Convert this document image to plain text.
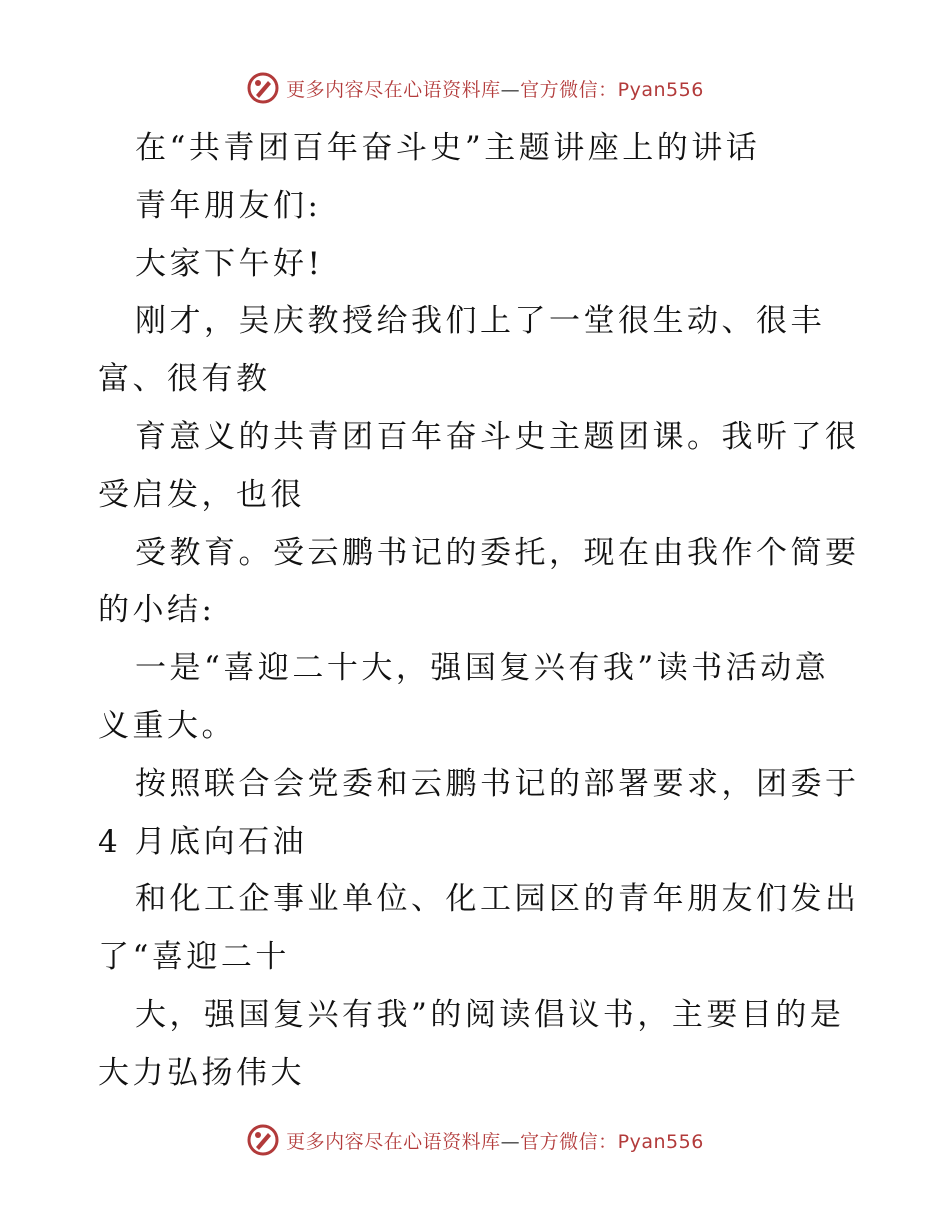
更多内容尽在心语资料库—官方微信：Pyan556
在“共青团百年奋斗史”主题讲座上的讲话
青年朋友们:
大家下午好!
刚才，吴庆教授给我们上了一堂很生动、很丰
富、很有教
育意义的共青团百年奋斗史主题团课。我听了很
受启发，也很
受教育。受云鹏书记的委托，现在由我作个简要
的小结:
一是“喜迎二十大，强国复兴有我”读书活动意
义重大。
按照联合会党委和云鹏书记的部署要求，团委于
4 月底向石油
和化工企事业单位、化工园区的青年朋友们发出
了“喜迎二十
大，强国复兴有我”的阅读倡议书，主要目的是
大力弘扬伟大
更多内容尽在心语资料库—官方微信：Pyan556
